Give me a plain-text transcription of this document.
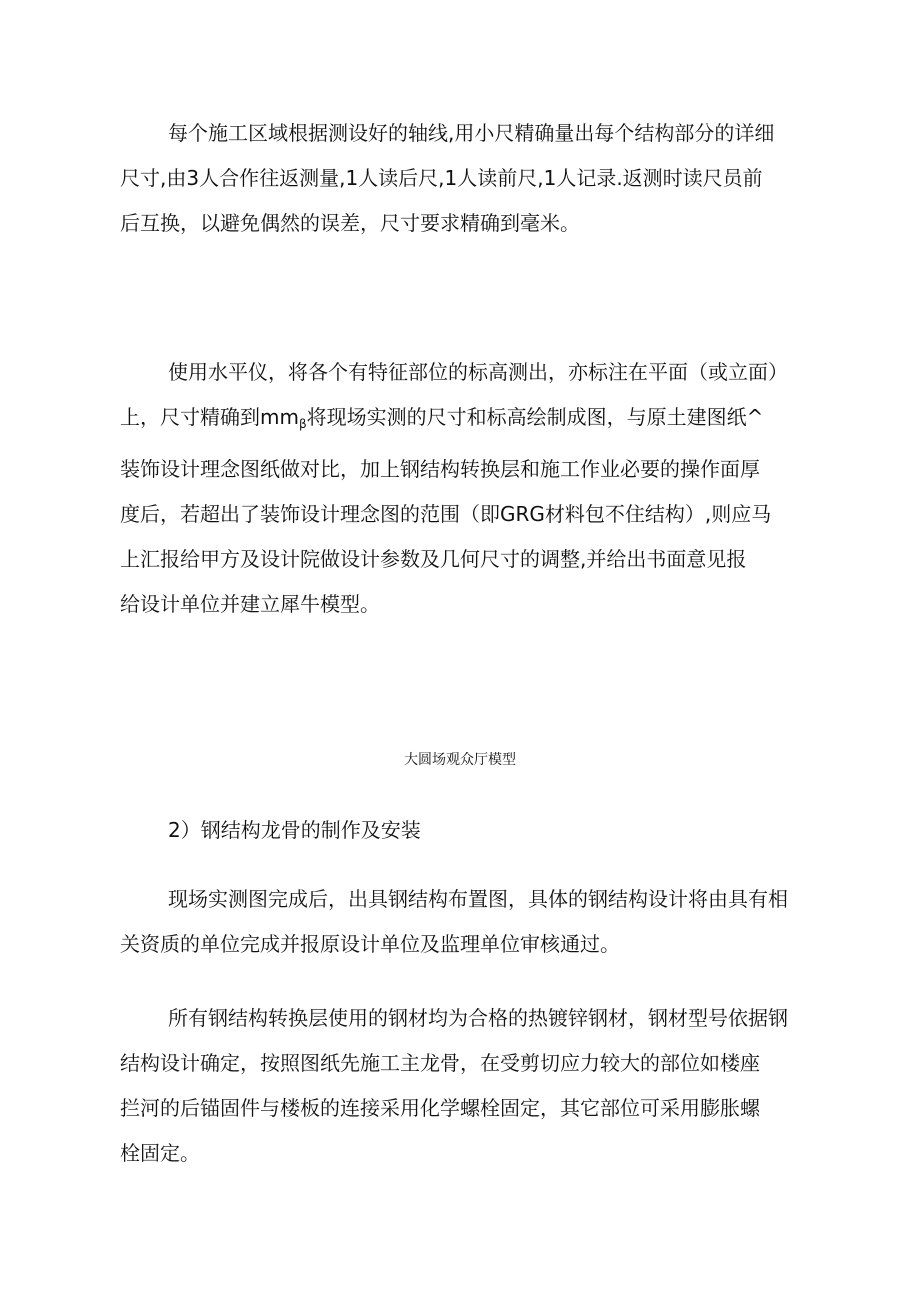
每个施工区域根据测设好的轴线,用小尺精确量出每个结构部分的详细
尺寸,由3人合作往返测量,1人读后尺,1人读前尺,1人记录.返测时读尺员前
后互换，以避免偶然的误差，尺寸要求精确到毫米。

使用水平仪，将各个有特征部位的标高测出，亦标注在平面（或立面）
上，尺寸精确到$mm_\beta$将现场实测的尺寸和标高绘制成图，与原土建图纸^
装饰设计理念图纸做对比，加上钢结构转换层和施工作业必要的操作面厚
度后，若超出了装饰设计理念图的范围（即GRG材料包不住结构）,则应马
上汇报给甲方及设计院做设计参数及几何尺寸的调整,并给出书面意见报
给设计单位并建立犀牛模型。

大圆场观众厅模型

2）钢结构龙骨的制作及安装

现场实测图完成后，出具钢结构布置图，具体的钢结构设计将由具有相
关资质的单位完成并报原设计单位及监理单位审核通过。

所有钢结构转换层使用的钢材均为合格的热镀锌钢材，钢材型号依据钢
结构设计确定，按照图纸先施工主龙骨，在受剪切应力较大的部位如楼座
拦河的后锚固件与楼板的连接采用化学螺栓固定，其它部位可采用膨胀螺
栓固定。
